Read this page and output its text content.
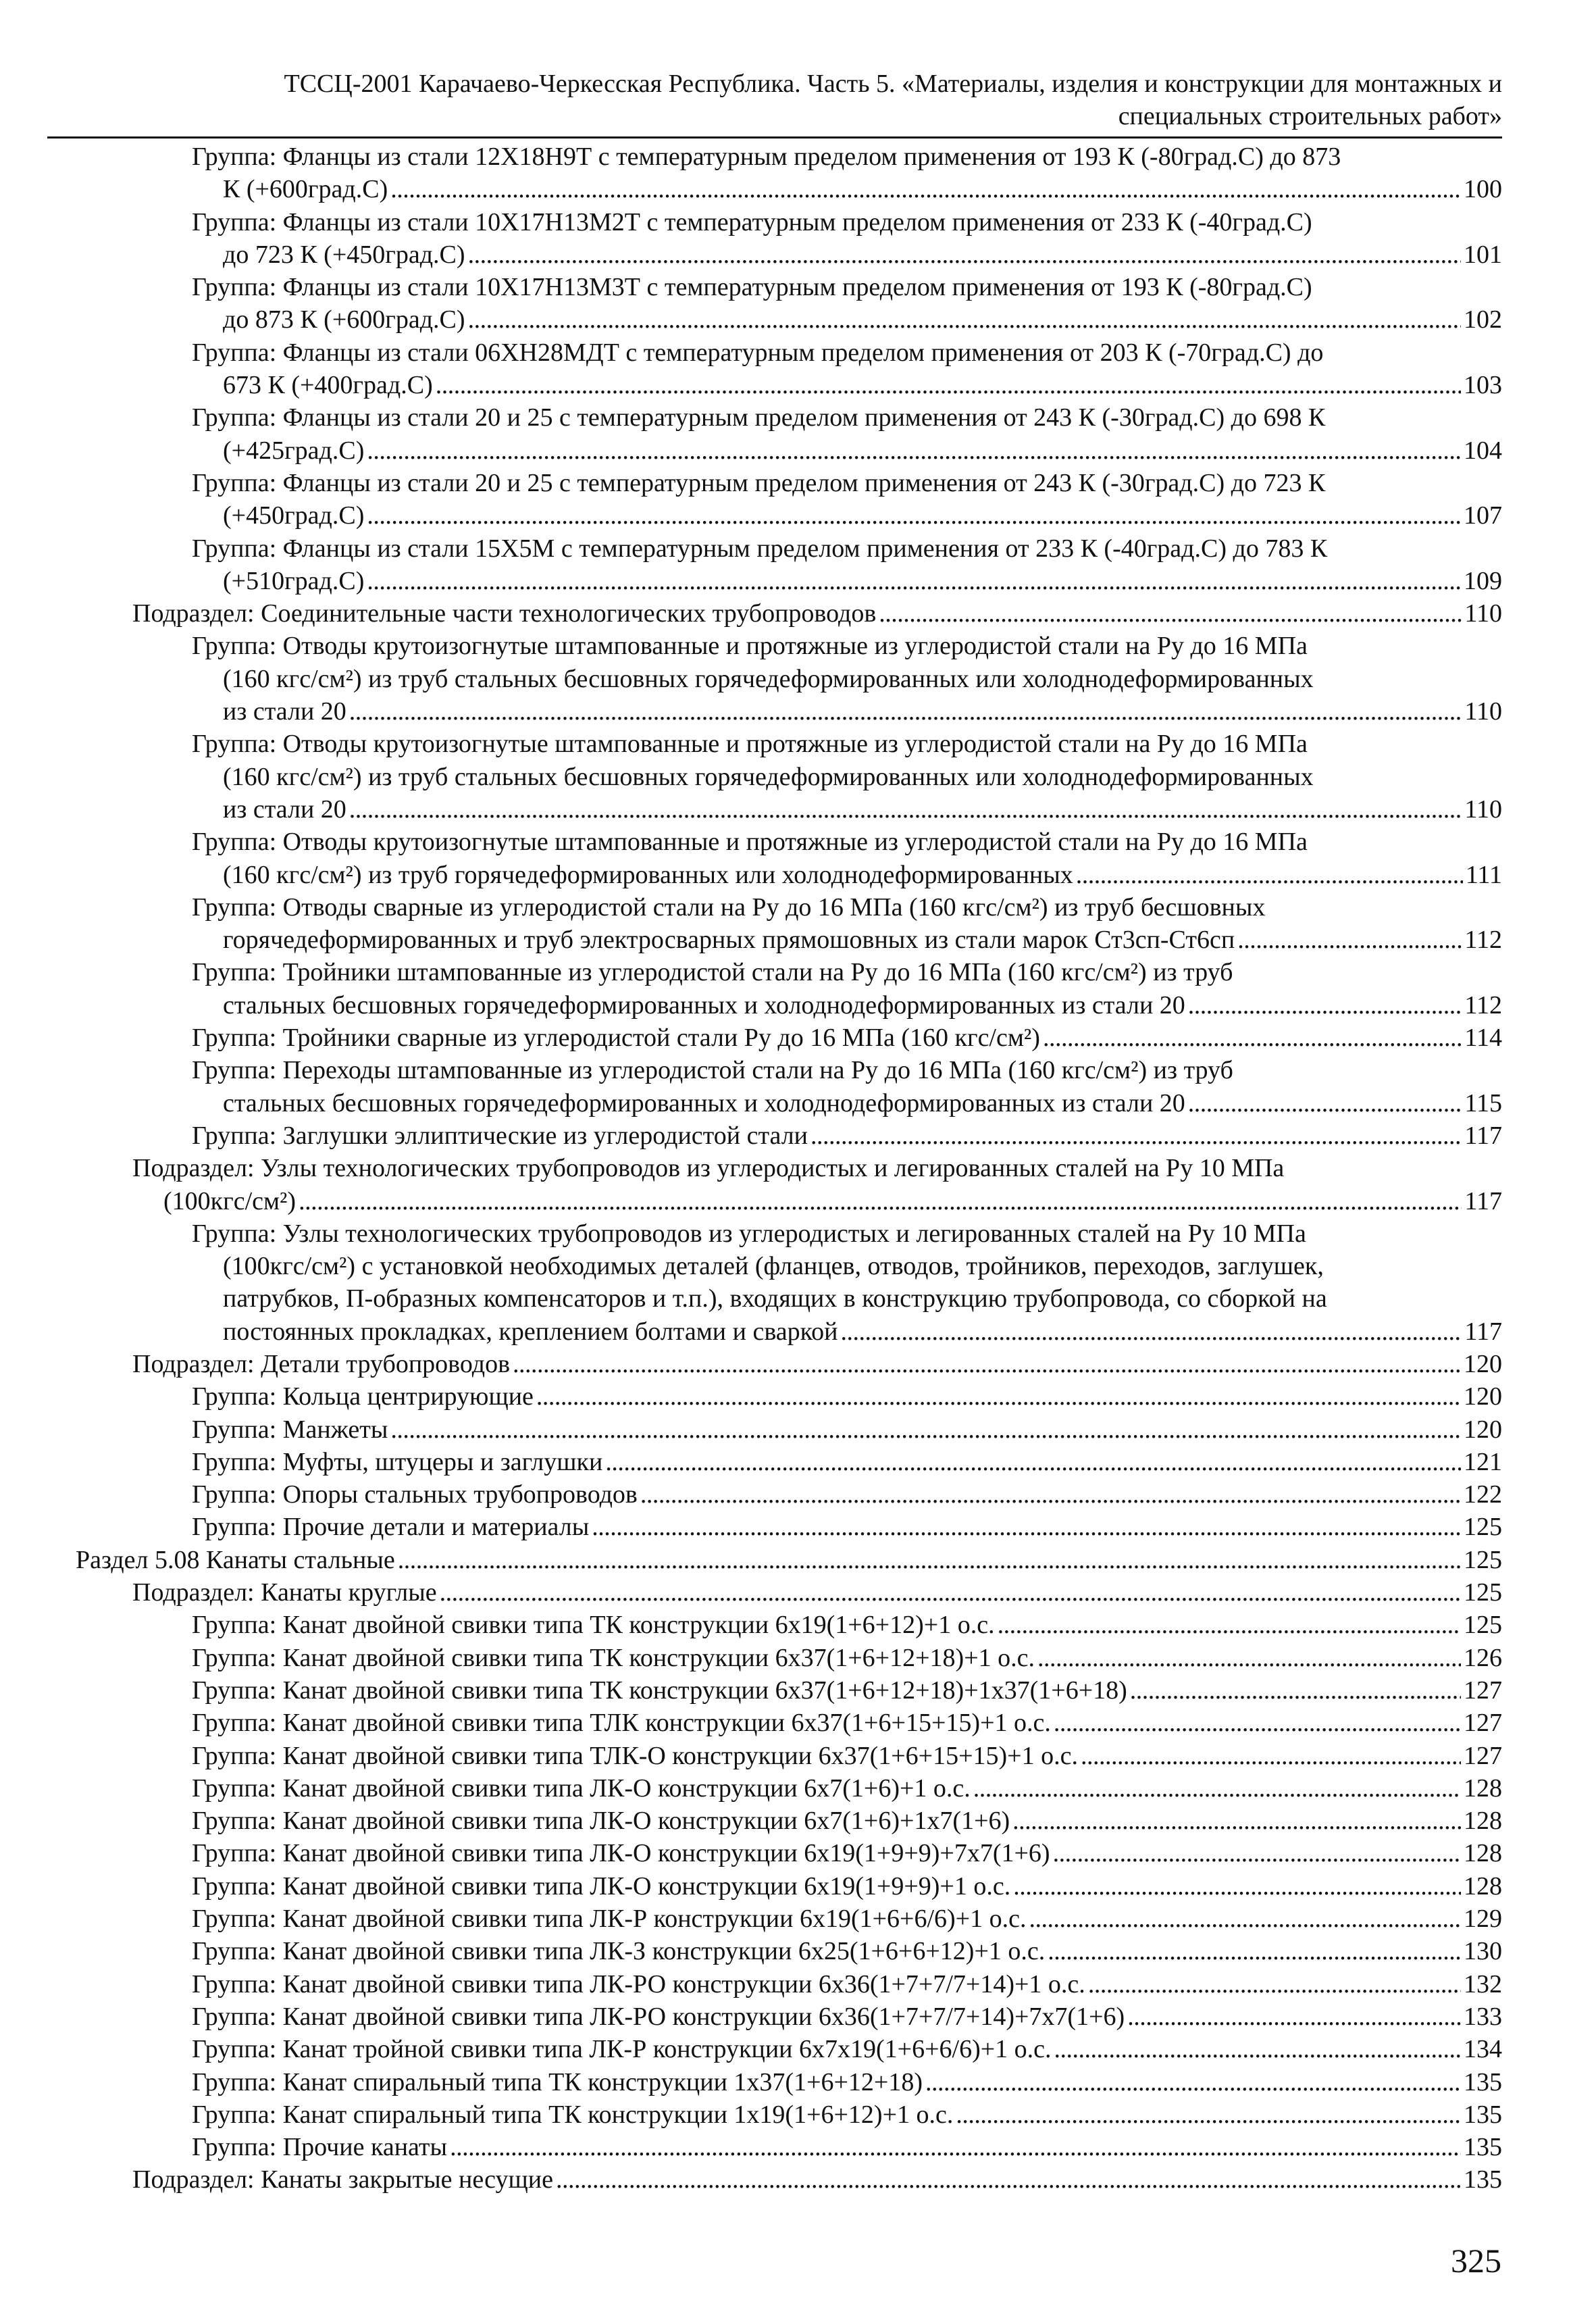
ТССЦ-2001 Карачаево-Черкесская Республика. Часть 5. «Материалы, изделия и конструкции для монтажных и
специальных строительных работ»
Группа: Фланцы из стали 12Х18Н9Т с температурным пределом применения от 193 К (-80град.С) до 873
К (+600град.С) . . .	100
Группа: Фланцы из стали 10Х17Н13М2Т с температурным пределом применения от 233 К (-40град.С)
до 723 К (+450град.С) . . .	101
Группа: Фланцы из стали 10Х17Н13М3Т с температурным пределом применения от 193 К (-80град.С)
до 873 К (+600град.С) . . .	102
Группа: Фланцы из стали 06ХН28МДТ с температурным пределом применения от 203 К (-70град.С) до
673 К (+400град.С) . . .	103
Группа: Фланцы из стали 20 и 25 с температурным пределом применения от 243 К (-30град.С) до 698 К
(+425град.С) . . .	104
Группа: Фланцы из стали 20 и 25 с температурным пределом применения от 243 К (-30град.С) до 723 К
(+450град.С) . . .	107
Группа: Фланцы из стали 15Х5М с температурным пределом применения от 233 К (-40град.С) до 783 К
(+510град.С) . . .	109
Подраздел: Соединительные части технологических трубопроводов . . .	110
Группа: Отводы крутоизогнутые штампованные и протяжные из углеродистой стали на Ру до 16 МПа
(160 кгс/см²) из труб стальных бесшовных горячедеформированных или холоднодеформированных
из стали 20 . . .	110
Группа: Отводы крутоизогнутые штампованные и протяжные из углеродистой стали на Ру до 16 МПа
(160 кгс/см²) из труб стальных бесшовных горячедеформированных или холоднодеформированных
из стали 20 . . .	110
Группа: Отводы крутоизогнутые штампованные и протяжные из углеродистой стали на Ру до 16 МПа
(160 кгс/см²) из труб горячедеформированных или холоднодеформированных . . .	111
Группа: Отводы сварные из углеродистой стали на Ру до 16 МПа (160 кгс/см²) из труб бесшовных
горячедеформированных и труб электросварных прямошовных из стали марок Ст3сп-Ст6сп . . .	112
Группа: Тройники штампованные из углеродистой стали на Ру до 16 МПа (160 кгс/см²) из труб
стальных бесшовных горячедеформированных и холоднодеформированных из стали 20 . . .	112
Группа: Тройники сварные из углеродистой стали Ру до 16 МПа (160 кгс/см²) . . .	114
Группа: Переходы штампованные из углеродистой стали на Ру до 16 МПа (160 кгс/см²) из труб
стальных бесшовных горячедеформированных и холоднодеформированных из стали 20 . . .	115
Группа: Заглушки эллиптические из углеродистой стали . . .	117
Подраздел: Узлы технологических трубопроводов из углеродистых и легированных сталей на Ру 10 МПа
(100кгс/см²) . . .	117
Группа: Узлы технологических трубопроводов из углеродистых и легированных сталей на Ру 10 МПа
(100кгс/см²) с установкой необходимых деталей (фланцев, отводов, тройников, переходов, заглушек,
патрубков, П-образных компенсаторов и т.п.), входящих в конструкцию трубопровода, со сборкой на
постоянных прокладках, креплением болтами и сваркой . . .	117
Подраздел: Детали трубопроводов . . .	120
Группа: Кольца центрирующие . . .	120
Группа: Манжеты . . .	120
Группа: Муфты, штуцеры и заглушки . . .	121
Группа: Опоры стальных трубопроводов . . .	122
Группа: Прочие детали и материалы . . .	125
Раздел 5.08 Канаты стальные . . .	125
Подраздел: Канаты круглые . . .	125
Группа: Канат двойной свивки типа ТК конструкции 6х19(1+6+12)+1 о.с. . . .	125
Группа: Канат двойной свивки типа ТК конструкции 6х37(1+6+12+18)+1 о.с. . . .	126
Группа: Канат двойной свивки типа ТК конструкции 6х37(1+6+12+18)+1х37(1+6+18) . . .	127
Группа: Канат двойной свивки типа ТЛК конструкции 6х37(1+6+15+15)+1 о.с. . . .	127
Группа: Канат двойной свивки типа ТЛК-О конструкции 6х37(1+6+15+15)+1 о.с. . . .	127
Группа: Канат двойной свивки типа ЛК-О конструкции 6х7(1+6)+1 о.с. . . .	128
Группа: Канат двойной свивки типа ЛК-О конструкции 6х7(1+6)+1х7(1+6) . . .	128
Группа: Канат двойной свивки типа ЛК-О конструкции 6х19(1+9+9)+7х7(1+6) . . .	128
Группа: Канат двойной свивки типа ЛК-О конструкции 6х19(1+9+9)+1 о.с. . . .	128
Группа: Канат двойной свивки типа ЛК-Р конструкции 6х19(1+6+6/6)+1 о.с. . . .	129
Группа: Канат двойной свивки типа ЛК-З конструкции 6х25(1+6+6+12)+1 о.с. . . .	130
Группа: Канат двойной свивки типа ЛК-РО конструкции 6х36(1+7+7/7+14)+1 о.с. . . .	132
Группа: Канат двойной свивки типа ЛК-РО конструкции 6х36(1+7+7/7+14)+7х7(1+6) . . .	133
Группа: Канат тройной свивки типа ЛК-Р конструкции 6х7х19(1+6+6/6)+1 о.с. . . .	134
Группа: Канат спиральный типа ТК конструкции 1х37(1+6+12+18) . . .	135
Группа: Канат спиральный типа ТК конструкции 1х19(1+6+12)+1 о.с. . . .	135
Группа: Прочие канаты . . .	135
Подраздел: Канаты закрытые несущие . . .	135
325
